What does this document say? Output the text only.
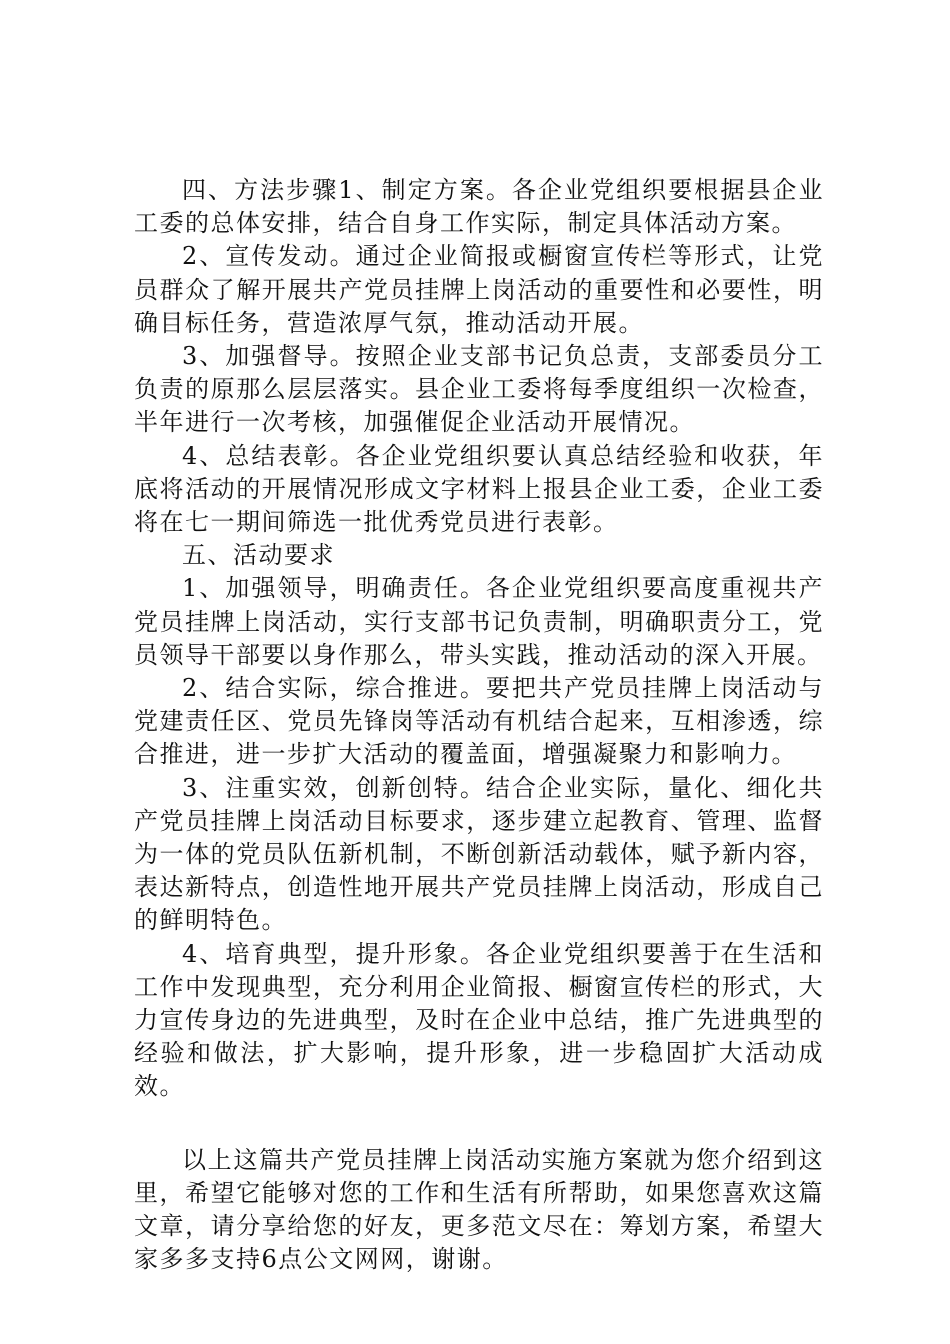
四、方法步骤1、制定方案。各企业党组织要根据县企业工委的总体安排，结合自身工作实际，制定具体活动方案。

2、宣传发动。通过企业简报或橱窗宣传栏等形式，让党员群众了解开展共产党员挂牌上岗活动的重要性和必要性，明确目标任务，营造浓厚气氛，推动活动开展。

3、加强督导。按照企业支部书记负总责，支部委员分工负责的原那么层层落实。县企业工委将每季度组织一次检查，半年进行一次考核，加强催促企业活动开展情况。

4、总结表彰。各企业党组织要认真总结经验和收获，年底将活动的开展情况形成文字材料上报县企业工委，企业工委将在七一期间筛选一批优秀党员进行表彰。

五、活动要求

1、加强领导，明确责任。各企业党组织要高度重视共产党员挂牌上岗活动，实行支部书记负责制，明确职责分工，党员领导干部要以身作那么，带头实践，推动活动的深入开展。

2、结合实际，综合推进。要把共产党员挂牌上岗活动与党建责任区、党员先锋岗等活动有机结合起来，互相渗透，综合推进，进一步扩大活动的覆盖面，增强凝聚力和影响力。

3、注重实效，创新创特。结合企业实际，量化、细化共产党员挂牌上岗活动目标要求，逐步建立起教育、管理、监督为一体的党员队伍新机制，不断创新活动载体，赋予新内容，表达新特点，创造性地开展共产党员挂牌上岗活动，形成自己的鲜明特色。

4、培育典型，提升形象。各企业党组织要善于在生活和工作中发现典型，充分利用企业简报、橱窗宣传栏的形式，大力宣传身边的先进典型，及时在企业中总结，推广先进典型的经验和做法，扩大影响，提升形象，进一步稳固扩大活动成效。

以上这篇共产党员挂牌上岗活动实施方案就为您介绍到这里，希望它能够对您的工作和生活有所帮助，如果您喜欢这篇文章，请分享给您的好友，更多范文尽在：筹划方案，希望大家多多支持6点公文网网，谢谢。
